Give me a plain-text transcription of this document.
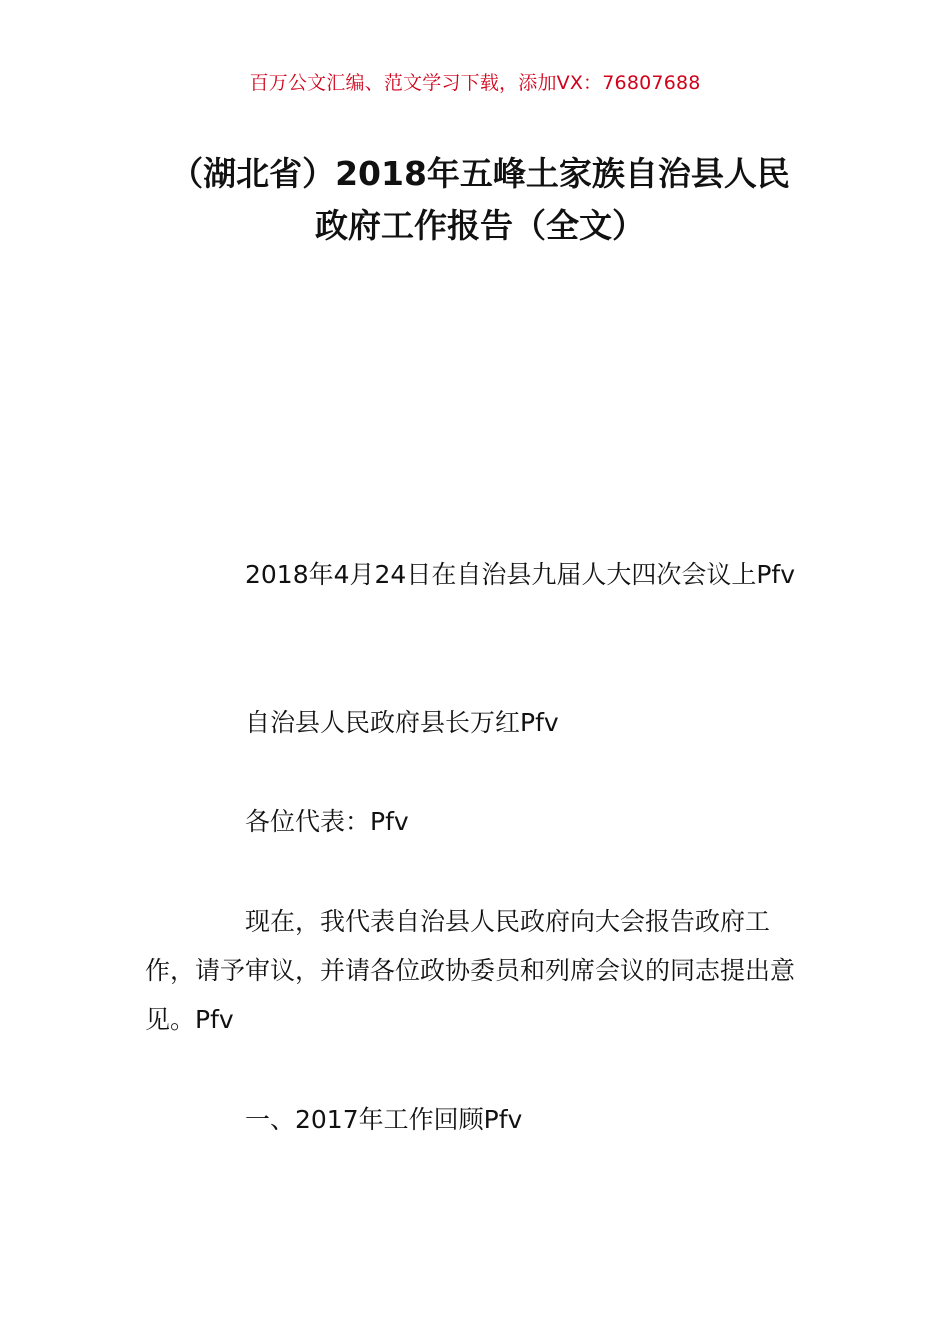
百万公文汇编、范文学习下载，添加VX：76807688
（湖北省）2018年五峰土家族自治县人民
政府工作报告（全文）
2018年4月24日在自治县九届人大四次会议上Pfv
自治县人民政府县长万红Pfv
各位代表：Pfv
现在，我代表自治县人民政府向大会报告政府工作，请予审议，并请各位政协委员和列席会议的同志提出意见。Pfv
一、2017年工作回顾Pfv
